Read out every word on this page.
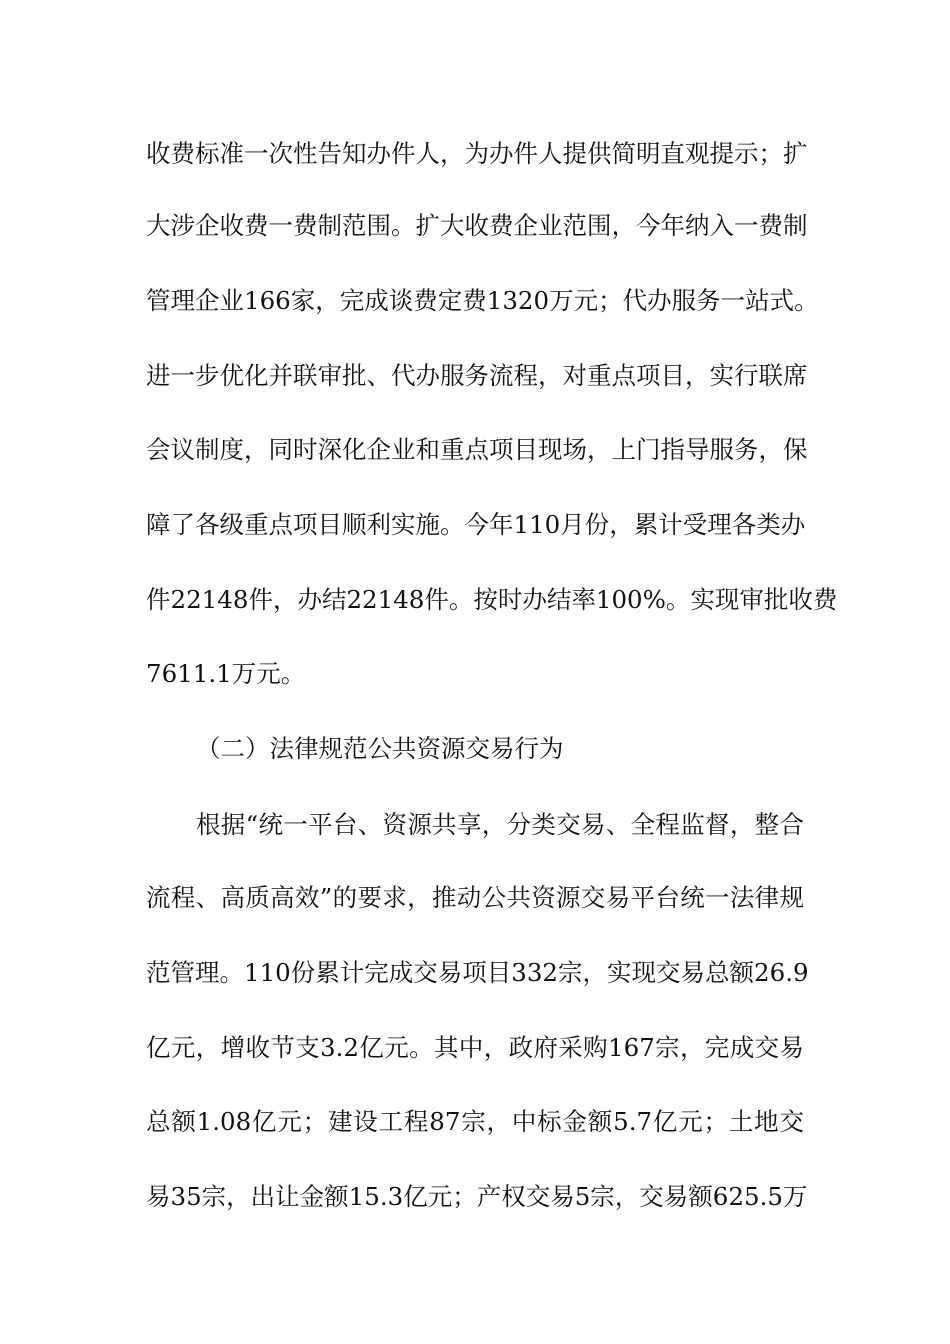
收费标准一次性告知办件人，为办件人提供简明直观提示；扩
大涉企收费一费制范围。扩大收费企业范围，今年纳入一费制
管理企业166家，完成谈费定费1320万元；代办服务一站式。
进一步优化并联审批、代办服务流程，对重点项目，实行联席
会议制度，同时深化企业和重点项目现场，上门指导服务，保
障了各级重点项目顺利实施。今年110月份，累计受理各类办
件22148件，办结22148件。按时办结率100%。实现审批收费
7611.1万元。
（二）法律规范公共资源交易行为
根据“统一平台、资源共享，分类交易、全程监督，整合
流程、高质高效”的要求，推动公共资源交易平台统一法律规
范管理。110份累计完成交易项目332宗，实现交易总额26.9
亿元，增收节支3.2亿元。其中，政府采购167宗，完成交易
总额1.08亿元；建设工程87宗，中标金额5.7亿元；土地交
易35宗，出让金额15.3亿元；产权交易5宗，交易额625.5万
